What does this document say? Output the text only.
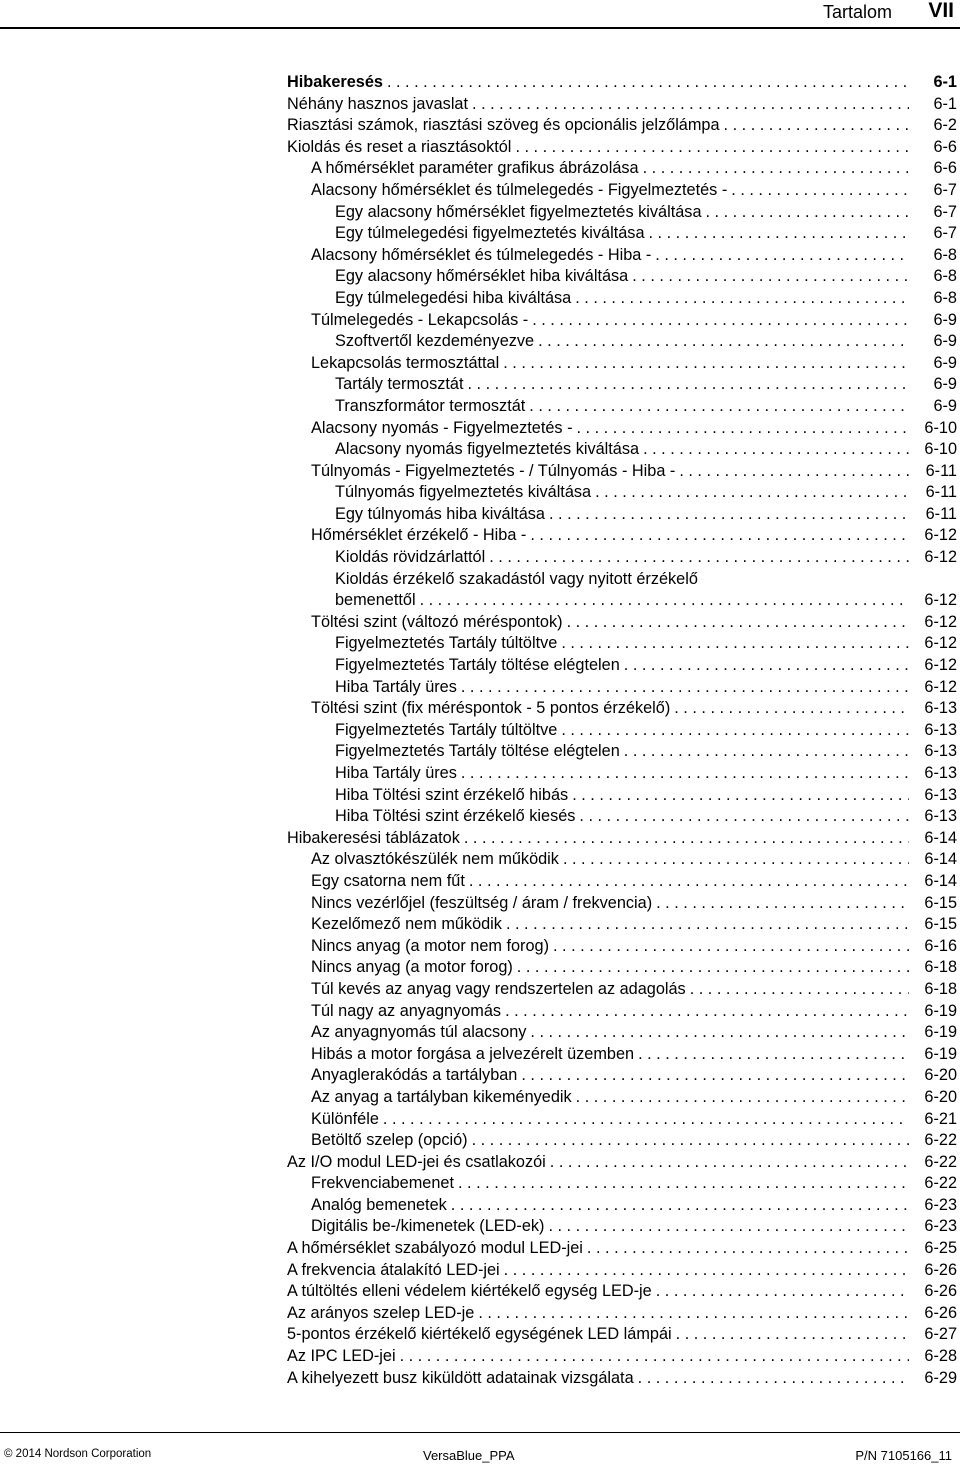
Tartalom VII
Hibakeresés . . .	6-1
Néhány hasznos javaslat . . .	6-1
Riasztási számok, riasztási szöveg és opcionális jelzőlámpa . . .	6-2
Kioldás és reset a riasztásoktól . . .	6-6
A hőmérséklet paraméter grafikus ábrázolása . . .	6-6
Alacsony hőmérséklet és túlmelegedés - Figyelmeztetés - . . .	6-7
Egy alacsony hőmérséklet figyelmeztetés kiváltása . . .	6-7
Egy túlmelegedési figyelmeztetés kiváltása . . .	6-7
Alacsony hőmérséklet és túlmelegedés - Hiba - . . .	6-8
Egy alacsony hőmérséklet hiba kiváltása . . .	6-8
Egy túlmelegedési hiba kiváltása . . .	6-8
Túlmelegedés - Lekapcsolás - . . .	6-9
Szoftvertől kezdeményezve . . .	6-9
Lekapcsolás termosztáttal . . .	6-9
Tartály termosztát . . .	6-9
Transzformátor termosztát . . .	6-9
Alacsony nyomás - Figyelmeztetés - . . .	6-10
Alacsony nyomás figyelmeztetés kiváltása . . .	6-10
Túlnyomás - Figyelmeztetés - / Túlnyomás - Hiba - . . .	6-11
Túlnyomás figyelmeztetés kiváltása . . .	6-11
Egy túlnyomás hiba kiváltása . . .	6-11
Hőmérséklet érzékelő - Hiba - . . .	6-12
Kioldás rövidzárlattól . . .	6-12
Kioldás érzékelő szakadástól vagy nyitott érzékelő
bemenettől . . .	6-12
Töltési szint (változó méréspontok) . . .	6-12
Figyelmeztetés Tartály túltöltve . . .	6-12
Figyelmeztetés Tartály töltése elégtelen . . .	6-12
Hiba Tartály üres . . .	6-12
Töltési szint (fix méréspontok - 5 pontos érzékelő) . . .	6-13
Figyelmeztetés Tartály túltöltve . . .	6-13
Figyelmeztetés Tartály töltése elégtelen . . .	6-13
Hiba Tartály üres . . .	6-13
Hiba Töltési szint érzékelő hibás . . .	6-13
Hiba Töltési szint érzékelő kiesés . . .	6-13
Hibakeresési táblázatok . . .	6-14
Az olvasztókészülék nem működik . . .	6-14
Egy csatorna nem fűt . . .	6-14
Nincs vezérlőjel (feszültség / áram / frekvencia) . . .	6-15
Kezelőmező nem működik . . .	6-15
Nincs anyag (a motor nem forog) . . .	6-16
Nincs anyag (a motor forog) . . .	6-18
Túl kevés az anyag vagy rendszertelen az adagolás . . .	6-18
Túl nagy az anyagnyomás . . .	6-19
Az anyagnyomás túl alacsony . . .	6-19
Hibás a motor forgása a jelvezérelt üzemben . . .	6-19
Anyaglerakódás a tartályban . . .	6-20
Az anyag a tartályban kikeményedik . . .	6-20
Különféle . . .	6-21
Betöltő szelep (opció) . . .	6-22
Az I/O modul LED-jei és csatlakozói . . .	6-22
Frekvenciabemenet . . .	6-22
Analóg bemenetek . . .	6-23
Digitális be-/kimenetek (LED-ek) . . .	6-23
A hőmérséklet szabályozó modul LED-jei . . .	6-25
A frekvencia átalakító LED-jei . . .	6-26
A túltöltés elleni védelem kiértékelő egység LED-je . . .	6-26
Az arányos szelep LED-je . . .	6-26
5-pontos érzékelő kiértékelő egységének LED lámpái . . .	6-27
Az IPC LED-jei . . .	6-28
A kihelyezett busz kiküldött adatainak vizsgálata . . .	6-29
© 2014 Nordson Corporation	VersaBlue_PPA	P/N 7105166_11
